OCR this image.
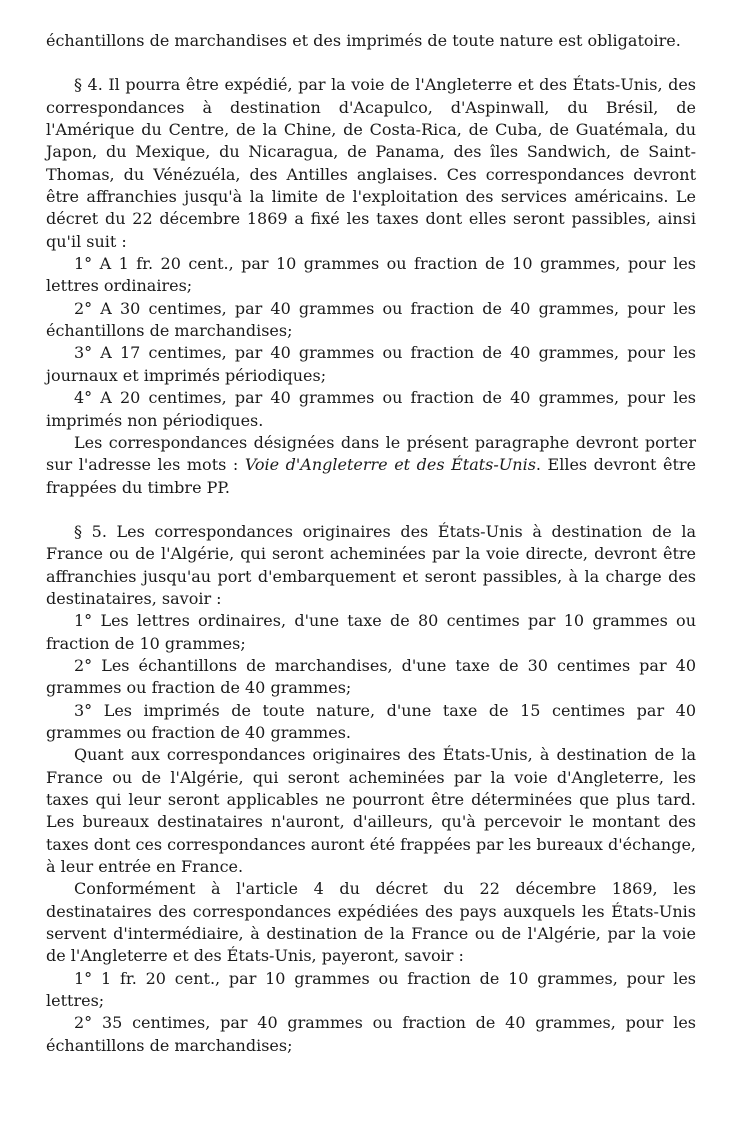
échantillons de marchandises et des imprimés de toute nature est obligatoire.

§ 4. Il pourra être expédié, par la voie de l'Angleterre et des États-Unis, des correspondances à destination d'Acapulco, d'Aspinwall, du Brésil, de l'Amérique du Centre, de la Chine, de Costa-Rica, de Cuba, de Guatémala, du Japon, du Mexique, du Nicaragua, de Panama, des îles Sandwich, de Saint-Thomas, du Vénézuéla, des Antilles anglaises. Ces correspondances devront être affranchies jusqu'à la limite de l'exploitation des services américains. Le décret du 22 décembre 1869 a fixé les taxes dont elles seront passibles, ainsi qu'il suit :

1° A 1 fr. 20 cent., par 10 grammes ou fraction de 10 grammes, pour les lettres ordinaires;

2° A 30 centimes, par 40 grammes ou fraction de 40 grammes, pour les échantillons de marchandises;

3° A 17 centimes, par 40 grammes ou fraction de 40 grammes, pour les journaux et imprimés périodiques;

4° A 20 centimes, par 40 grammes ou fraction de 40 grammes, pour les imprimés non périodiques.

Les correspondances désignées dans le présent paragraphe devront porter sur l'adresse les mots : Voie d'Angleterre et des États-Unis. Elles devront être frappées du timbre PP.

§ 5. Les correspondances originaires des États-Unis à destination de la France ou de l'Algérie, qui seront acheminées par la voie directe, devront être affranchies jusqu'au port d'embarquement et seront passibles, à la charge des destinataires, savoir :

1° Les lettres ordinaires, d'une taxe de 80 centimes par 10 grammes ou fraction de 10 grammes;

2° Les échantillons de marchandises, d'une taxe de 30 centimes par 40 grammes ou fraction de 40 grammes;

3° Les imprimés de toute nature, d'une taxe de 15 centimes par 40 grammes ou fraction de 40 grammes.

Quant aux correspondances originaires des États-Unis, à destination de la France ou de l'Algérie, qui seront acheminées par la voie d'Angleterre, les taxes qui leur seront applicables ne pourront être déterminées que plus tard. Les bureaux destinataires n'auront, d'ailleurs, qu'à percevoir le montant des taxes dont ces correspondances auront été frappées par les bureaux d'échange, à leur entrée en France.

Conformément à l'article 4 du décret du 22 décembre 1869, les destinataires des correspondances expédiées des pays auxquels les États-Unis servent d'intermédiaire, à destination de la France ou de l'Algérie, par la voie de l'Angleterre et des États-Unis, payeront, savoir :

1° 1 fr. 20 cent., par 10 grammes ou fraction de 10 grammes, pour les lettres;

2° 35 centimes, par 40 grammes ou fraction de 40 grammes, pour les échantillons de marchandises;
